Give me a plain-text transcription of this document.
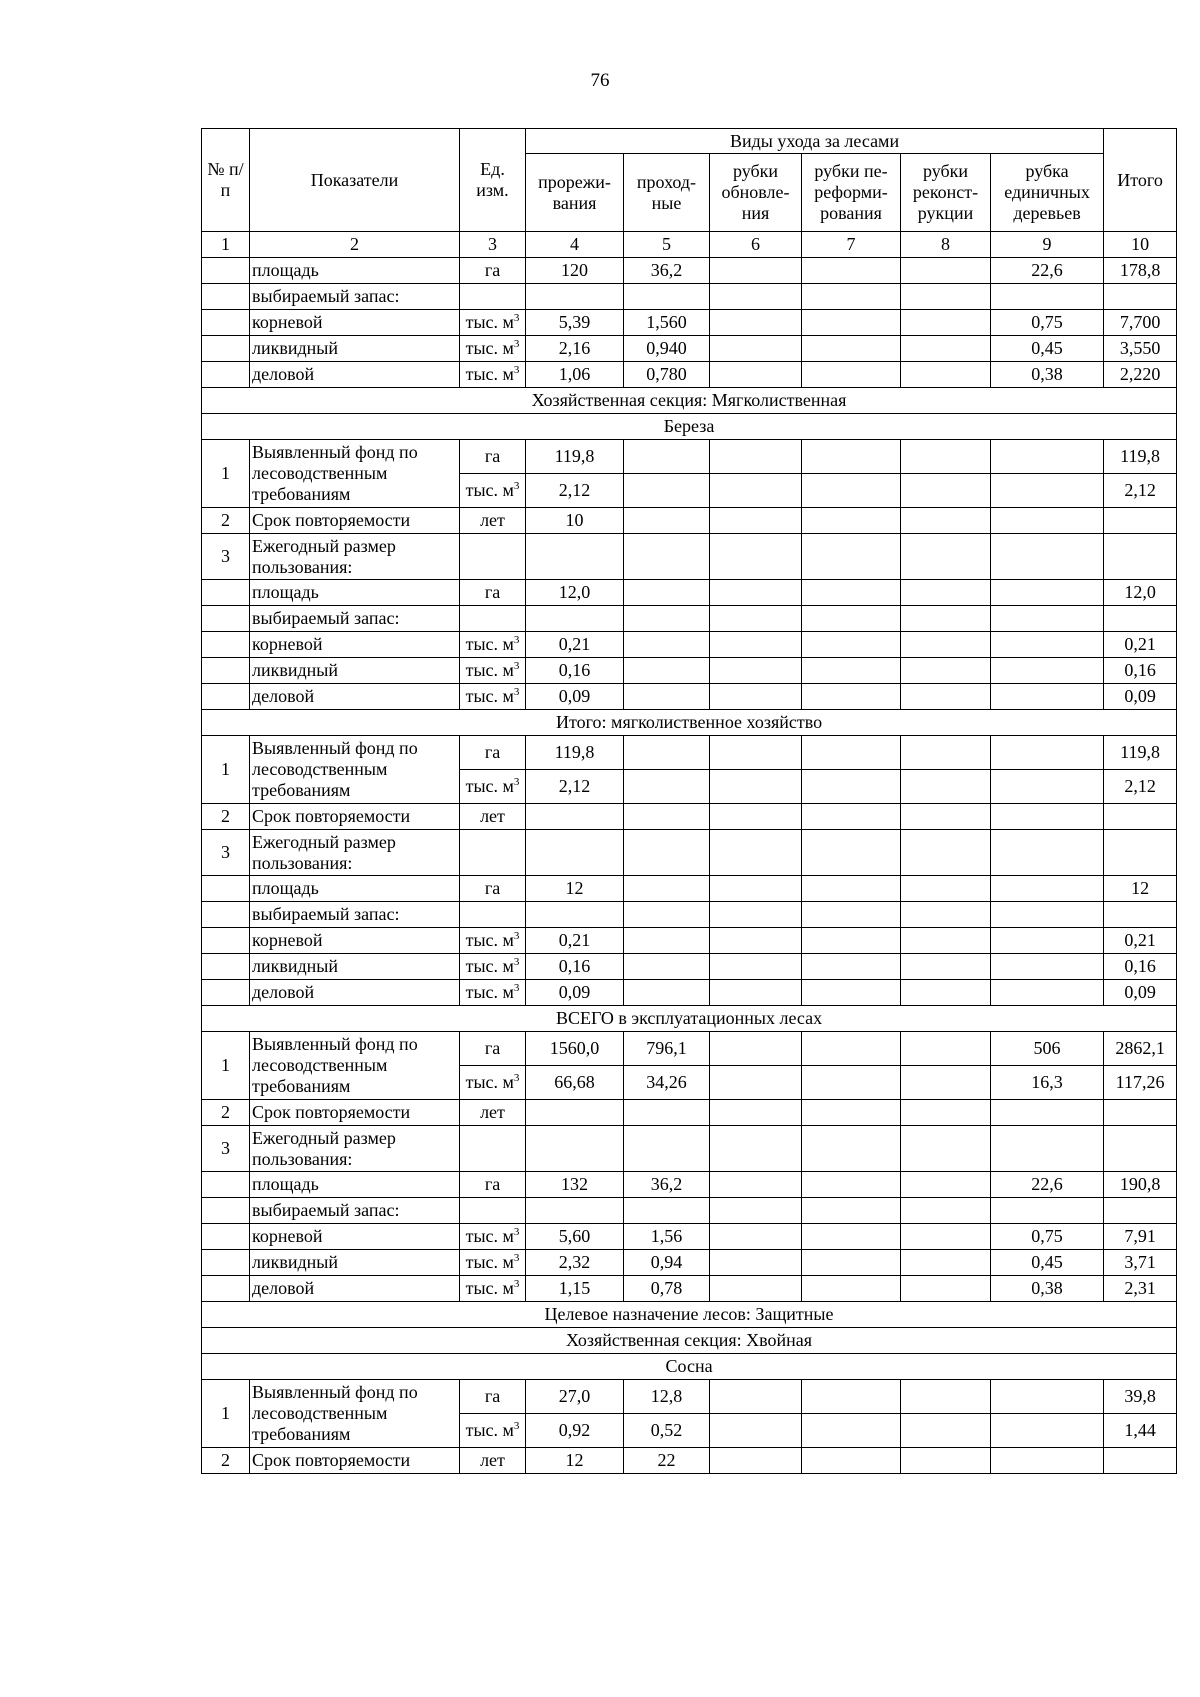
76
№ п/п	Показатели	Ед. изм.	Виды ухода за лесами						Итого
			прорежи-вания	проход-ные	рубки обновле-ния	рубки пе-реформи-рования	рубки реконст-рукции	рубка единичных деревьев	
1	2	3	4	5	6	7	8	9	10
	площадь	га	120	36,2				22,6	178,8
	выбираемый запас:								
	корневой	тыс. $м^3$	5,39	1,560				0,75	7,700
	ликвидный	тыс. $м^3$	2,16	0,940				0,45	3,550
	деловой	тыс. $м^3$	1,06	0,780				0,38	2,220
Хозяйственная секция: Мягколиственная									
Береза									
1	Выявленный фонд по лесоводственным требованиям	га	119,8						119,8
		тыс. $м^3$	2,12						2,12
2	Срок повторяемости	лет	10						
3	Ежегодный размер пользования:								
	площадь	га	12,0						12,0
	выбираемый запас:								
	корневой	тыс. $м^3$	0,21						0,21
	ликвидный	тыс. $м^3$	0,16						0,16
	деловой	тыс. $м^3$	0,09						0,09
Итого: мягколиственное хозяйство									
1	Выявленный фонд по лесоводственным требованиям	га	119,8						119,8
		тыс. $м^3$	2,12						2,12
2	Срок повторяемости	лет							
3	Ежегодный размер пользования:								
	площадь	га	12						12
	выбираемый запас:								
	корневой	тыс. $м^3$	0,21						0,21
	ликвидный	тыс. $м^3$	0,16						0,16
	деловой	тыс. $м^3$	0,09						0,09
ВСЕГО в эксплуатационных лесах									
1	Выявленный фонд по лесоводственным требованиям	га	1560,0	796,1				506	2862,1
		тыс. $м^3$	66,68	34,26				16,3	117,26
2	Срок повторяемости	лет							
3	Ежегодный размер пользования:								
	площадь	га	132	36,2				22,6	190,8
	выбираемый запас:								
	корневой	тыс. $м^3$	5,60	1,56				0,75	7,91
	ликвидный	тыс. $м^3$	2,32	0,94				0,45	3,71
	деловой	тыс. $м^3$	1,15	0,78				0,38	2,31
Целевое назначение лесов: Защитные									
Хозяйственная секция: Хвойная									
Сосна									
1	Выявленный фонд по лесоводственным требованиям	га	27,0	12,8					39,8
		тыс. $м^3$	0,92	0,52					1,44
2	Срок повторяемости	лет	12	22					
